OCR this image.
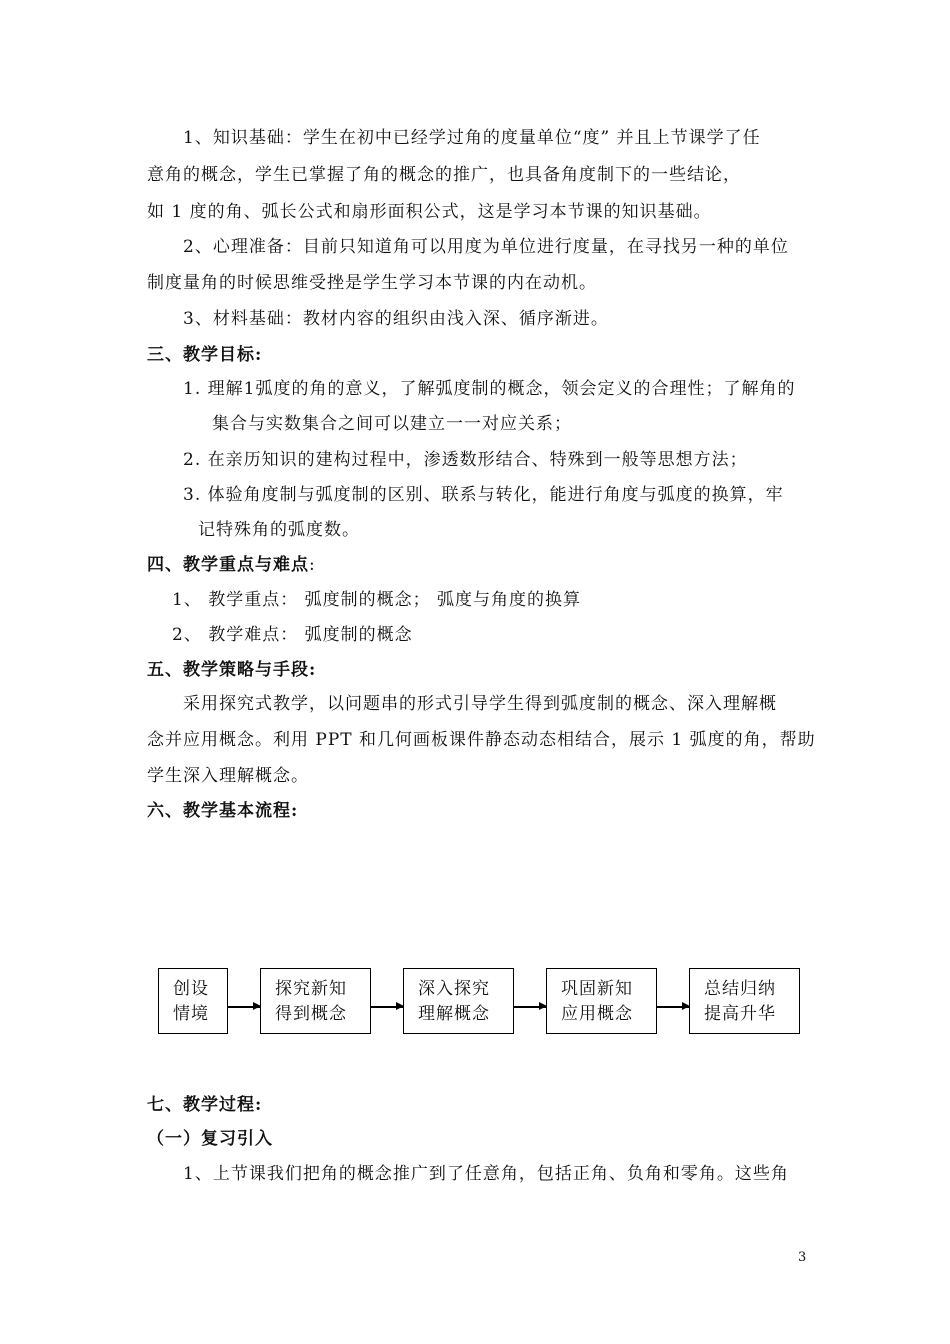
1、知识基础：学生在初中已经学过角的度量单位“度” 并且上节课学了任
意角的概念，学生已掌握了角的概念的推广，也具备角度制下的一些结论，
如 1 度的角、弧长公式和扇形面积公式，这是学习本节课的知识基础。
2、心理准备：目前只知道角可以用度为单位进行度量，在寻找另一种的单位
制度量角的时候思维受挫是学生学习本节课的内在动机。
3、材料基础：教材内容的组织由浅入深、循序渐进。
三、教学目标:
1. 理解1弧度的角的意义，了解弧度制的概念，领会定义的合理性；了解角的
集合与实数集合之间可以建立一一对应关系；
2. 在亲历知识的建构过程中，渗透数形结合、特殊到一般等思想方法；
3. 体验角度制与弧度制的区别、联系与转化，能进行角度与弧度的换算，牢
记特殊角的弧度数。
四、教学重点与难点:
1、 教学重点： 弧度制的概念； 弧度与角度的换算
2、 教学难点： 弧度制的概念
五、教学策略与手段:
采用探究式教学，以问题串的形式引导学生得到弧度制的概念、深入理解概
念并应用概念。利用 PPT 和几何画板课件静态动态相结合，展示 1 弧度的角，帮助
学生深入理解概念。
六、教学基本流程:
创设
情境
探究新知
得到概念
深入探究
理解概念
巩固新知
应用概念
总结归纳
提高升华
七、教学过程:
（一）复习引入
1、上节课我们把角的概念推广到了任意角，包括正角、负角和零角。这些角
3
